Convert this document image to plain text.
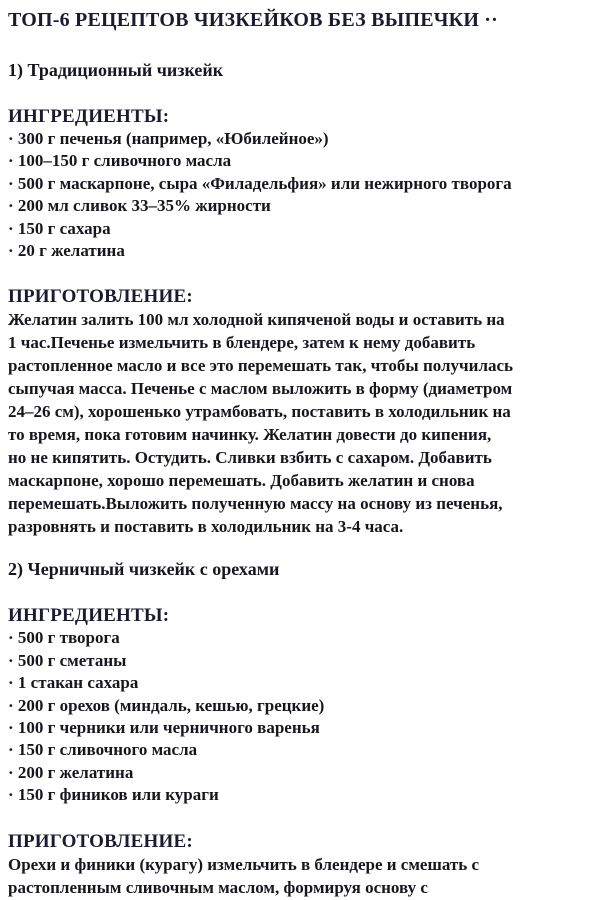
ТОП-6 РЕЦЕПТОВ ЧИЗКЕЙКОВ БЕЗ ВЫПЕЧКИ ··
1) Традиционный чизкейк
ИНГРЕДИЕНТЫ:
· 300 г печенья (например, «Юбилейное»)
· 100–150 г сливочного масла
· 500 г маскарпоне, сыра «Филадельфия» или нежирного творога
· 200 мл сливок 33–35% жирности
· 150 г сахара
· 20 г желатина
ПРИГОТОВЛЕНИЕ:
Желатин залить 100 мл холодной кипяченой воды и оставить на
1 час.Печенье измельчить в блендере, затем к нему добавить
растопленное масло и все это перемешать так, чтобы получилась
сыпучая масса. Печенье с маслом выложить в форму (диаметром
24–26 см), хорошенько утрамбовать, поставить в холодильник на
то время, пока готовим начинку. Желатин довести до кипения,
но не кипятить. Остудить. Сливки взбить с сахаром. Добавить
маскарпоне, хорошо перемешать. Добавить желатин и снова
перемешать.Выложить полученную массу на основу из печенья,
разровнять и поставить в холодильник на 3-4 часа.
2) Черничный чизкейк с орехами
ИНГРЕДИЕНТЫ:
· 500 г творога
· 500 г сметаны
· 1 стакан сахара
· 200 г орехов (миндаль, кешью, грецкие)
· 100 г черники или черничного варенья
· 150 г сливочного масла
· 200 г желатина
· 150 г фиников или кураги
ПРИГОТОВЛЕНИЕ:
Орехи и финики (курагу) измельчить в блендере и смешать с
растопленным сливочным маслом, формируя основу с
